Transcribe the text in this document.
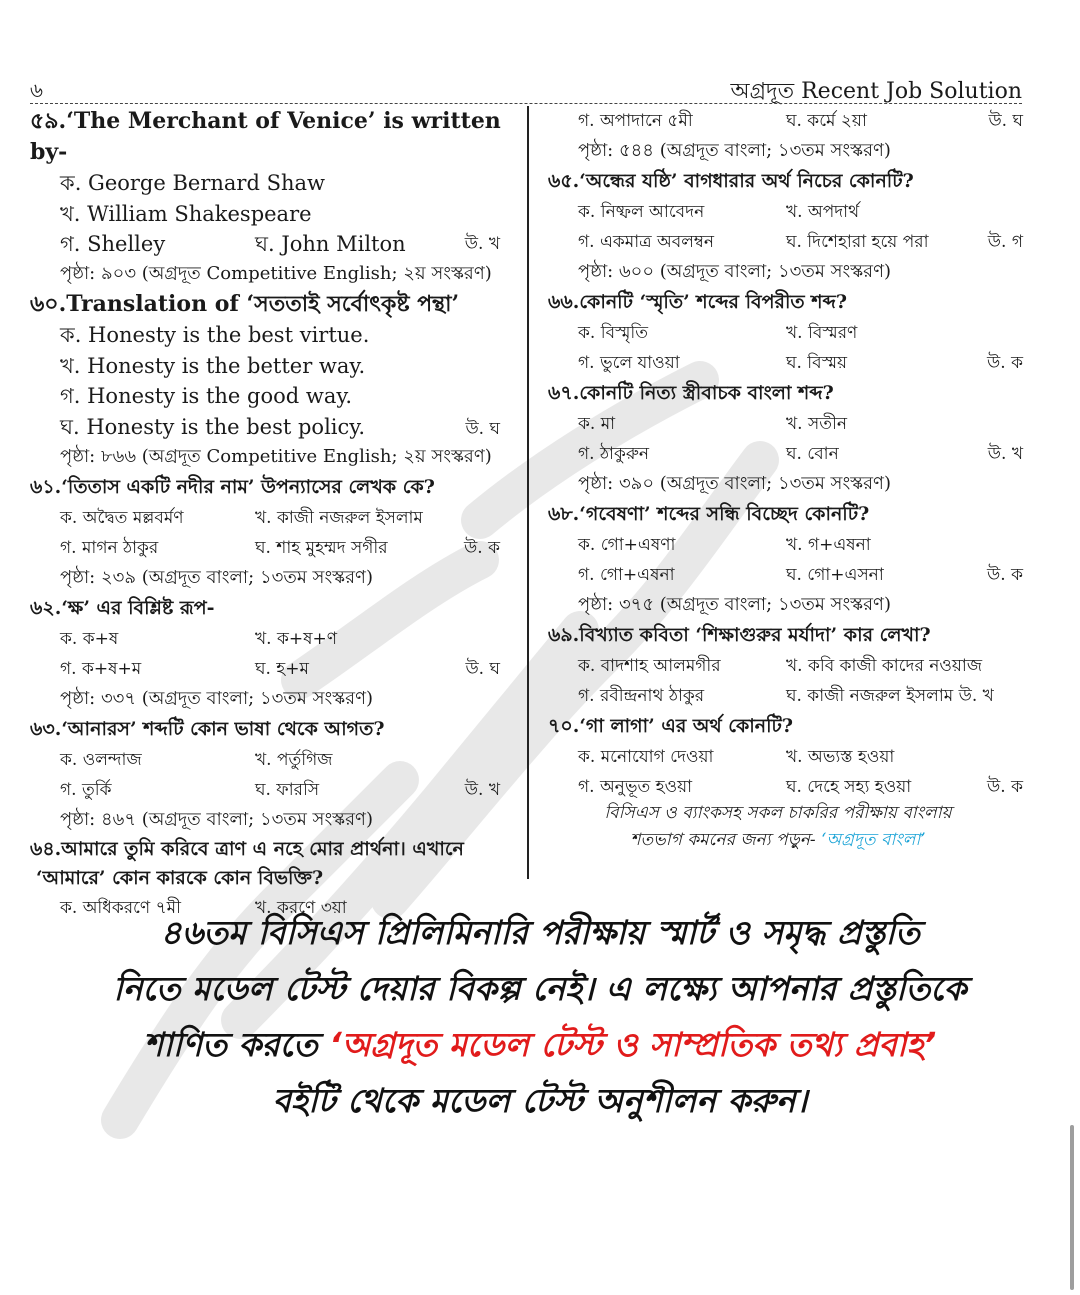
৬	অগ্রদূত Recent Job Solution

৫৯.‘The Merchant of Venice’ is written by-

ক. George Bernard Shaw
খ. William Shakespeare
গ. Shelley	ঘ. John Milton	উ. খ
পৃষ্ঠা: ৯০৩ (অগ্রদূত Competitive English; ২য় সংস্করণ)

৬০.Translation of ‘সততাই সর্বোৎকৃষ্ট পন্থা’

ক. Honesty is the best virtue.
খ. Honesty is the better way.
গ. Honesty is the good way.
ঘ. Honesty is the best policy.	উ. ঘ
পৃষ্ঠা: ৮৬৬ (অগ্রদূত Competitive English; ২য় সংস্করণ)

৬১.‘তিতাস একটি নদীর নাম’ উপন্যাসের লেখক কে?

ক. অদ্বৈত মল্লবর্মণ	খ. কাজী নজরুল ইসলাম
গ. মাগন ঠাকুর	ঘ. শাহ মুহম্মদ সগীর	উ. ক
পৃষ্ঠা: ২৩৯ (অগ্রদূত বাংলা; ১৩তম সংস্করণ)

৬২.‘ক্ষ’ এর বিশ্লিষ্ট রূপ-

ক. ক+ষ	খ. ক+ষ+ণ
গ. ক+ষ+ম	ঘ. হ+ম	উ. ঘ
পৃষ্ঠা: ৩৩৭ (অগ্রদূত বাংলা; ১৩তম সংস্করণ)

৬৩.‘আনারস’ শব্দটি কোন ভাষা থেকে আগত?

ক. ওলন্দাজ	খ. পর্তুগিজ
গ. তুর্কি	ঘ. ফারসি	উ. খ
পৃষ্ঠা: ৪৬৭ (অগ্রদূত বাংলা; ১৩তম সংস্করণ)

৬৪.আমারে তুমি করিবে ত্রাণ এ নহে মোর প্রার্থনা। এখানে

‘আমারে’ কোন কারকে কোন বিভক্তি?

ক. অধিকরণে ৭মী	খ. করণে ৩য়া
গ. অপাদানে ৫মী	ঘ. কর্মে ২য়া	উ. ঘ
পৃষ্ঠা: ৫৪৪ (অগ্রদূত বাংলা; ১৩তম সংস্করণ)

৬৫.‘অন্ধের যষ্ঠি’ বাগধারার অর্থ নিচের কোনটি?

ক. নিষ্ফল আবেদন	খ. অপদার্থ
গ. একমাত্র অবলম্বন	ঘ. দিশেহারা হয়ে পরা	উ. গ
পৃষ্ঠা: ৬০০ (অগ্রদূত বাংলা; ১৩তম সংস্করণ)

৬৬.কোনটি ‘স্মৃতি’ শব্দের বিপরীত শব্দ?

ক. বিস্মৃতি	খ. বিস্মরণ
গ. ভুলে যাওয়া	ঘ. বিস্ময়	উ. ক

৬৭.কোনটি নিত্য স্ত্রীবাচক বাংলা শব্দ?

ক. মা	খ. সতীন
গ. ঠাকুরুন	ঘ. বোন	উ. খ
পৃষ্ঠা: ৩৯০ (অগ্রদূত বাংলা; ১৩তম সংস্করণ)

৬৮.‘গবেষণা’ শব্দের সন্ধি বিচ্ছেদ কোনটি?

ক. গো+এষণা	খ. গ+এষনা
গ. গো+এষনা	ঘ. গো+এসনা	উ. ক
পৃষ্ঠা: ৩৭৫ (অগ্রদূত বাংলা; ১৩তম সংস্করণ)

৬৯.বিখ্যাত কবিতা ‘শিক্ষাগুরুর মর্যাদা’ কার লেখা?

ক. বাদশাহ আলমগীর	খ. কবি কাজী কাদের নওয়াজ
গ. রবীন্দ্রনাথ ঠাকুর	ঘ. কাজী নজরুল ইসলাম উ. খ

৭০.‘গা লাগা’ এর অর্থ কোনটি?

ক. মনোযোগ দেওয়া	খ. অভ্যস্ত হওয়া
গ. অনুভূত হওয়া	ঘ. দেহে সহ্য হওয়া	উ. ক
বিসিএস ও ব্যাংকসহ সকল চাকরির পরীক্ষায় বাংলায়
শতভাগ কমনের জন্য পড়ুন- ‘অগ্রদূত বাংলা’
৪৬তম বিসিএস প্রিলিমিনারি পরীক্ষায় স্মার্ট ও সমৃদ্ধ প্রস্তুতি
নিতে মডেল টেস্ট দেয়ার বিকল্প নেই। এ লক্ষ্যে আপনার প্রস্তুতিকে
শাণিত করতে ‘অগ্রদূত মডেল টেস্ট ও সাম্প্রতিক তথ্য প্রবাহ’
বইটি থেকে মডেল টেস্ট অনুশীলন করুন।
